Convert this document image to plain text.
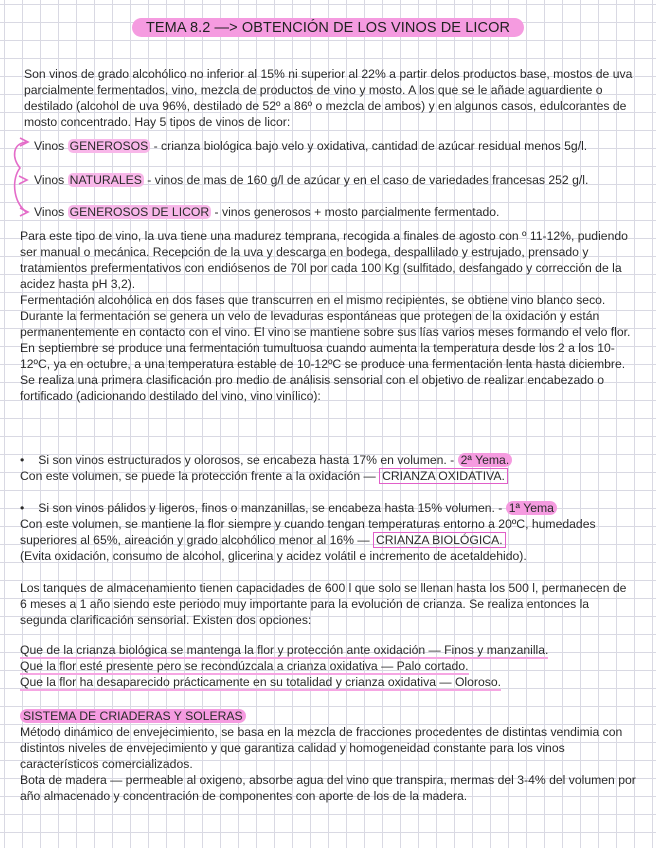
TEMA 8.2 —> OBTENCIÓN DE LOS VINOS DE LICOR

Son vinos de grado alcohólico no inferior al 15% ni superior al 22% a partir delos productos base, mostos de uva parcialmente fermentados, vino, mezcla de productos de vino y mosto. A los que se le añade aguardiente o destilado (alcohol de uva 96%, destilado de 52º a 86º o mezcla de ambos) y en algunos casos, edulcorantes de mosto concentrado. Hay 5 tipos de vinos de licor:

Vinos GENEROSOS - crianza biológica bajo velo y oxidativa, cantidad de azúcar residual menos 5g/l.

Vinos NATURALES - vinos de mas de 160 g/l de azúcar y en el caso de variedades francesas 252 g/l.

Vinos GENEROSOS DE LICOR - vinos generosos + mosto parcialmente fermentado.

Para este tipo de vino, la uva tiene una madurez temprana, recogida a finales de agosto con º 11-12%, pudiendo ser manual o mecánica. Recepción de la uva y descarga en bodega, despallilado y estrujado, prensado y tratamientos prefermentativos con endiósenos de 70l por cada 100 Kg (sulfitado, desfangado y corrección de la acidez hasta pH 3,2).
Fermentación alcohólica en dos fases que transcurren en el mismo recipientes, se obtiene vino blanco seco.
Durante la fermentación se genera un velo de levaduras espontáneas que protegen de la oxidación y están permanentemente en contacto con el vino. El vino se mantiene sobre sus lías varios meses formando el velo flor. En septiembre se produce una fermentación tumultuosa cuando aumenta la temperatura desde los 2 a los 10-12ºC, ya en octubre, a una temperatura estable de 10-12ºC se produce una fermentación lenta hasta diciembre.
Se realiza una primera clasificación pro medio de análisis sensorial con el objetivo de realizar encabezado o fortificado (adicionando destilado del vino, vino vinílico):
• Si son vinos estructurados y olorosos, se encabeza hasta 17% en volumen. - 2ª Yema.
Con este volumen, se puede la protección frente a la oxidación — CRIANZA OXIDATIVA.
• Si son vinos pálidos y ligeros, finos o manzanillas, se encabeza hasta 15% volumen. - 1ª Yema
Con este volumen, se mantiene la flor siempre y cuando tengan temperaturas entorno a 20ºC, humedades superiores al 65%, aireación y grado alcohólico menor al 16% — CRIANZA BIOLÓGICA.
(Evita oxidación, consumo de alcohol, glicerina y acidez volátil e incremento de acetaldehido).

Los tanques de almacenamiento tienen capacidades de 600 l que solo se llenan hasta los 500 l, permanecen de 6 meses a 1 año siendo este periodo muy importante para la evolución de crianza. Se realiza entonces la segunda clarificación sensorial. Existen dos opciones:

Que de la crianza biológica se mantenga la flor y protección ante oxidación — Finos y manzanilla.
Que la flor esté presente pero se recondúzcala a crianza oxidativa — Palo cortado.
Que la flor ha desaparecido prácticamente en su totalidad y crianza oxidativa — Oloroso.
SISTEMA DE CRIADERAS Y SOLERAS
Método dinámico de envejecimiento, se basa en la mezcla de fracciones procedentes de distintas vendimia con distintos niveles de envejecimiento y que garantiza calidad y homogeneidad constante para los vinos característicos comercializados.
Bota de madera — permeable al oxigeno, absorbe agua del vino que transpira, mermas del 3-4% del volumen por año almacenado y concentración de componentes con aporte de los de la madera.
